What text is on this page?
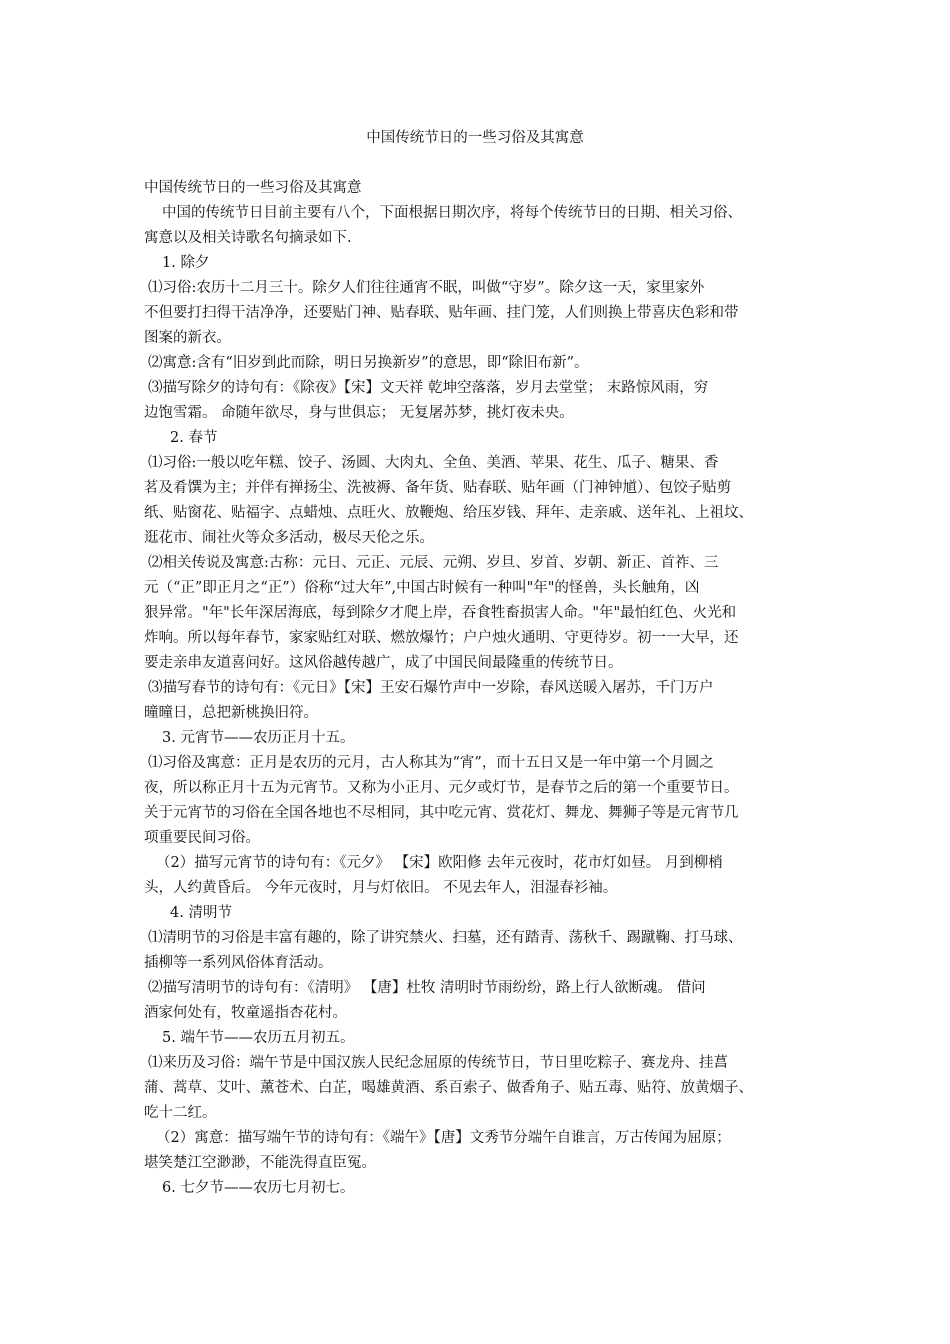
中国传统节日的一些习俗及其寓意

中国传统节日的一些习俗及其寓意

中国的传统节日目前主要有八个，下面根据日期次序，将每个传统节日的日期、相关习俗、

寓意以及相关诗歌名句摘录如下.

1. 除夕

⑴习俗:农历十二月三十。除夕人们往往通宵不眠，叫做“守岁”。除夕这一天，家里家外

不但要打扫得干洁净净，还要贴门神、贴春联、贴年画、挂门笼，人们则换上带喜庆色彩和带

图案的新衣。

⑵寓意:含有“旧岁到此而除，明日另换新岁”的意思，即“除旧布新”。

⑶描写除夕的诗句有：《除夜》【宋】文天祥 乾坤空落落，岁月去堂堂； 末路惊风雨，穷

边饱雪霜。 命随年欲尽，身与世俱忘； 无复屠苏梦，挑灯夜未央。

2. 春节

⑴习俗:一般以吃年糕、饺子、汤圆、大肉丸、全鱼、美酒、苹果、花生、瓜子、糖果、香

茗及肴馔为主；并伴有掸扬尘、洗被褥、备年货、贴春联、贴年画（门神钟馗）、包饺子贴剪

纸、贴窗花、贴福字、点蜡烛、点旺火、放鞭炮、给压岁钱、拜年、走亲戚、送年礼、上祖坟、

逛花市、闹社火等众多活动，极尽天伦之乐。

⑵相关传说及寓意:古称：元日、元正、元辰、元朔、岁旦、岁首、岁朝、新正、首祚、三

元（“正”即正月之“正”）俗称“过大年”,中国古时候有一种叫"年"的怪兽，头长触角，凶

狠异常。"年"长年深居海底，每到除夕才爬上岸，吞食牲畜损害人命。"年"最怕红色、火光和

炸响。所以每年春节，家家贴红对联、燃放爆竹；户户烛火通明、守更待岁。初一一大早，还

要走亲串友道喜问好。这风俗越传越广，成了中国民间最隆重的传统节日。

⑶描写春节的诗句有：《元日》【宋】王安石爆竹声中一岁除，春风送暖入屠苏，千门万户

曈曈日，总把新桃换旧符。

3. 元宵节——农历正月十五。

⑴习俗及寓意：正月是农历的元月，古人称其为“宵”，而十五日又是一年中第一个月圆之

夜，所以称正月十五为元宵节。又称为小正月、元夕或灯节，是春节之后的第一个重要节日。

关于元宵节的习俗在全国各地也不尽相同，其中吃元宵、赏花灯、舞龙、舞狮子等是元宵节几

项重要民间习俗。

（2）描写元宵节的诗句有：《元夕》 【宋】欧阳修 去年元夜时，花市灯如昼。 月到柳梢

头，人约黄昏后。 今年元夜时，月与灯依旧。 不见去年人，泪湿春衫袖。

4. 清明节

⑴清明节的习俗是丰富有趣的，除了讲究禁火、扫墓，还有踏青、荡秋千、踢蹴鞠、打马球、

插柳等一系列风俗体育活动。

⑵描写清明节的诗句有：《清明》 【唐】杜牧 清明时节雨纷纷，路上行人欲断魂。 借问

酒家何处有，牧童遥指杏花村。

5. 端午节——农历五月初五。

⑴来历及习俗：端午节是中国汉族人民纪念屈原的传统节日，节日里吃粽子、赛龙舟、挂菖

蒲、蒿草、艾叶、薰苍术、白芷，喝雄黄酒、系百索子、做香角子、贴五毒、贴符、放黄烟子、

吃十二红。

（2）寓意：描写端午节的诗句有：《端午》【唐】文秀节分端午自谁言，万古传闻为屈原；

堪笑楚江空渺渺，不能洗得直臣冤。

6. 七夕节——农历七月初七。
